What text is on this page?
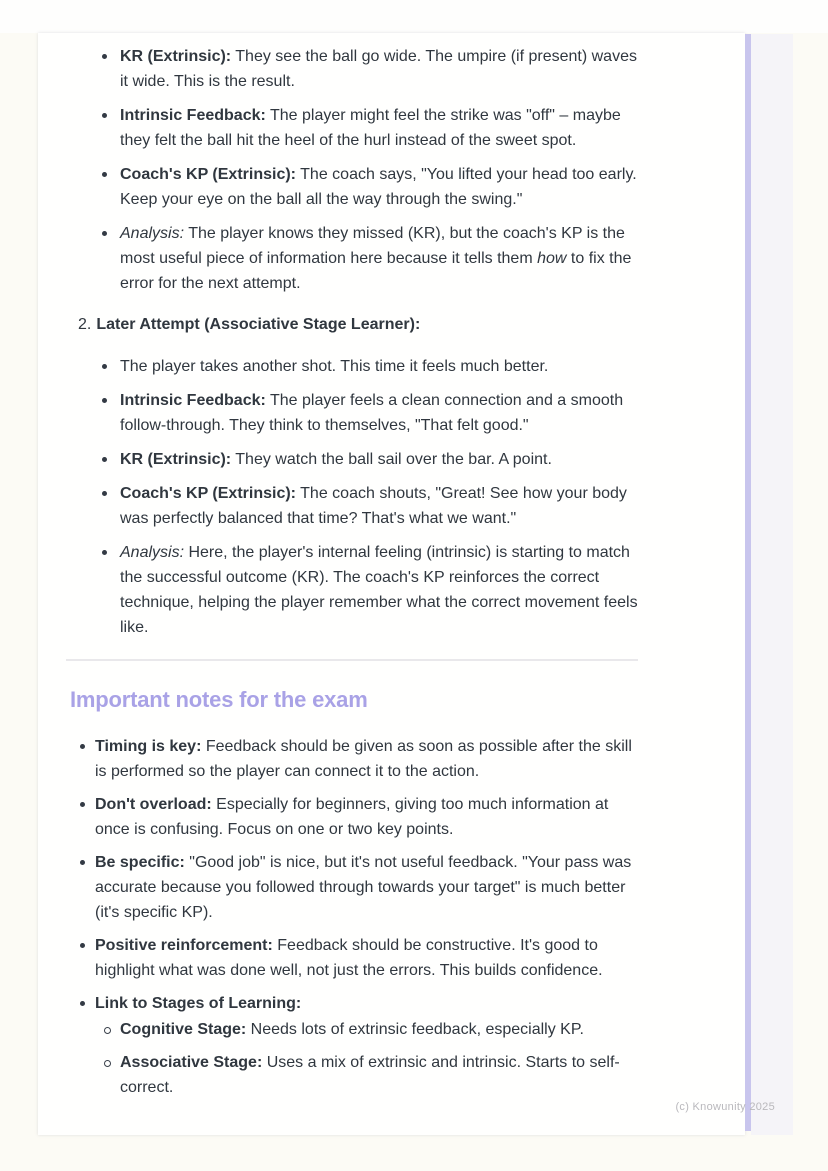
KR (Extrinsic): They see the ball go wide. The umpire (if present) waves it wide. This is the result.
Intrinsic Feedback: The player might feel the strike was "off" – maybe they felt the ball hit the heel of the hurl instead of the sweet spot.
Coach's KP (Extrinsic): The coach says, "You lifted your head too early. Keep your eye on the ball all the way through the swing."
Analysis: The player knows they missed (KR), but the coach's KP is the most useful piece of information here because it tells them how to fix the error for the next attempt.
2. Later Attempt (Associative Stage Learner):
The player takes another shot. This time it feels much better.
Intrinsic Feedback: The player feels a clean connection and a smooth follow-through. They think to themselves, "That felt good."
KR (Extrinsic): They watch the ball sail over the bar. A point.
Coach's KP (Extrinsic): The coach shouts, "Great! See how your body was perfectly balanced that time? That's what we want."
Analysis: Here, the player's internal feeling (intrinsic) is starting to match the successful outcome (KR). The coach's KP reinforces the correct technique, helping the player remember what the correct movement feels like.
Important notes for the exam
Timing is key: Feedback should be given as soon as possible after the skill is performed so the player can connect it to the action.
Don't overload: Especially for beginners, giving too much information at once is confusing. Focus on one or two key points.
Be specific: "Good job" is nice, but it's not useful feedback. "Your pass was accurate because you followed through towards your target" is much better (it's specific KP).
Positive reinforcement: Feedback should be constructive. It's good to highlight what was done well, not just the errors. This builds confidence.
Link to Stages of Learning:
Cognitive Stage: Needs lots of extrinsic feedback, especially KP.
Associative Stage: Uses a mix of extrinsic and intrinsic. Starts to self-correct.
(c) Knowunity 2025
